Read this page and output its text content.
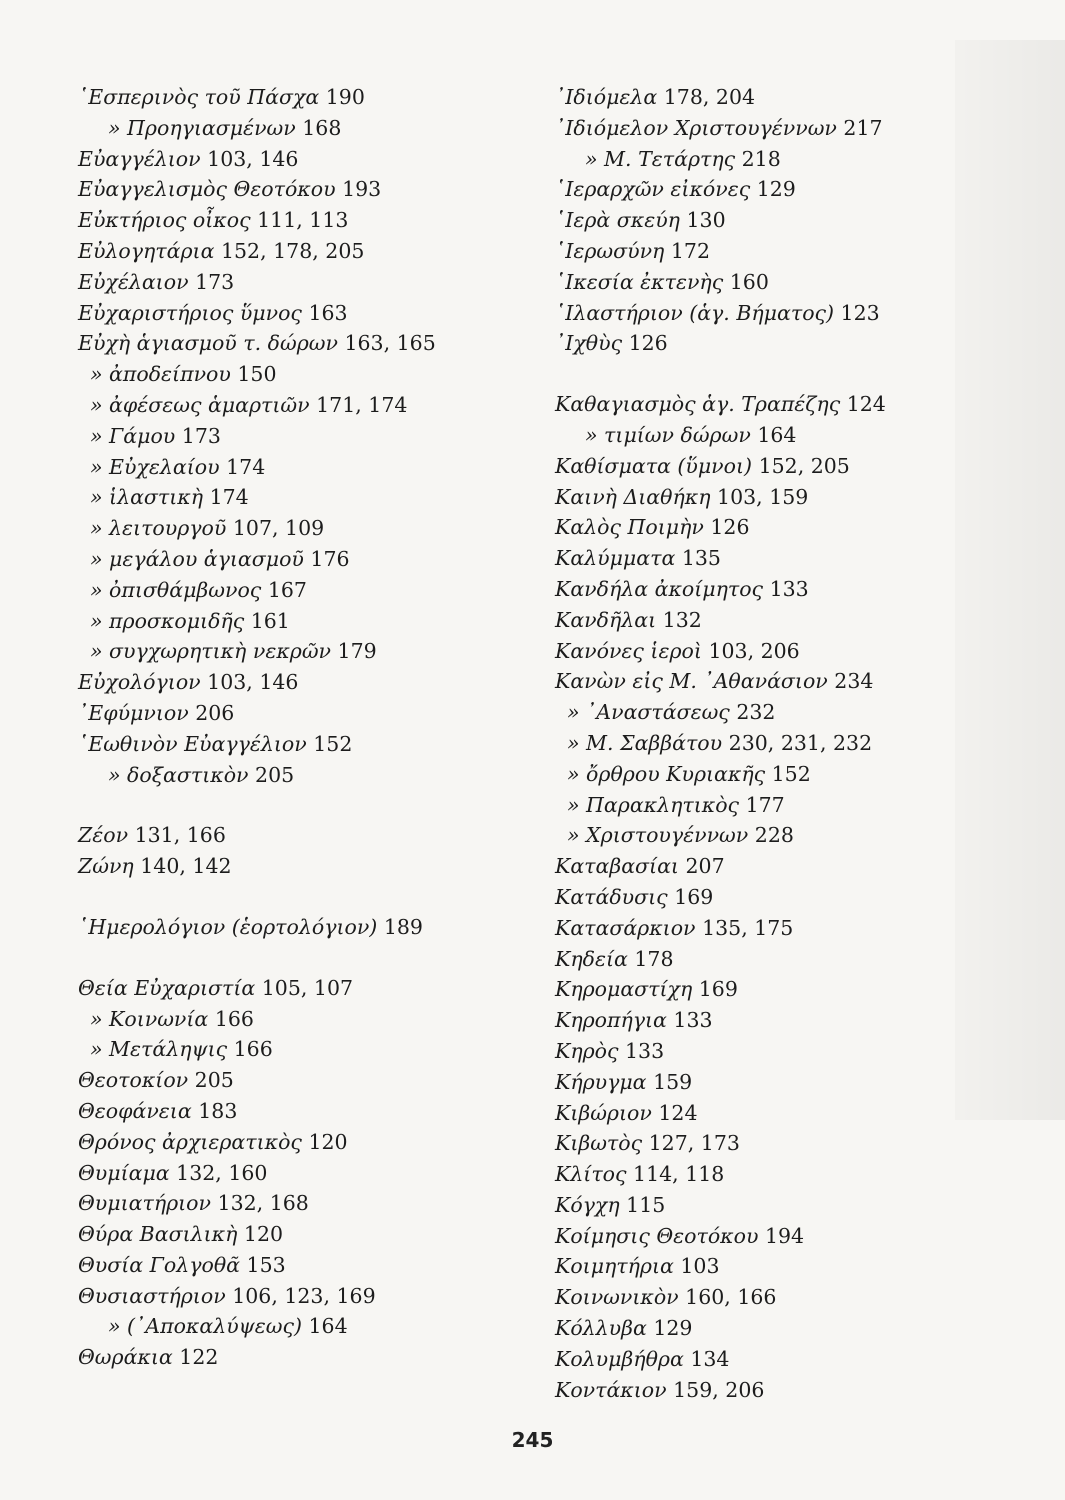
῾Εσπερινὸς τοῦ Πάσχα 190
» Προηγιασμένων 168
Εὐαγγέλιον 103, 146
Εὐαγγελισμὸς Θεοτόκου 193
Εὐκτήριος οἶκος 111, 113
Εὐλογητάρια 152, 178, 205
Εὐχέλαιον 173
Εὐχαριστήριος ὕμνος 163
Εὐχὴ ἁγιασμοῦ τ. δώρων 163, 165
» ἀποδείπνου 150
» ἀφέσεως ἁμαρτιῶν 171, 174
» Γάμου 173
» Εὐχελαίου 174
» ἱλαστικὴ 174
» λειτουργοῦ 107, 109
» μεγάλου ἁγιασμοῦ 176
» ὀπισθάμβωνος 167
» προσκομιδῆς 161
» συγχωρητικὴ νεκρῶν 179
Εὐχολόγιον 103, 146
᾿Εφύμνιον 206
῾Εωθινὸν Εὐαγγέλιον 152
» δοξαστικὸν 205
Ζέον 131, 166
Ζώνη 140, 142
῾Ημερολόγιον (ἑορτολόγιον) 189
Θεία Εὐχαριστία 105, 107
» Κοινωνία 166
» Μετάληψις 166
Θεοτοκίον 205
Θεοφάνεια 183
Θρόνος ἀρχιερατικὸς 120
Θυμίαμα 132, 160
Θυμιατήριον 132, 168
Θύρα Βασιλικὴ 120
Θυσία Γολγοθᾶ 153
Θυσιαστήριον 106, 123, 169
» (᾿Αποκαλύψεως) 164
Θωράκια 122
᾿Ιδιόμελα 178, 204
᾿Ιδιόμελον Χριστουγέννων 217
» Μ. Τετάρτης 218
῾Ιεραρχῶν εἰκόνες 129
῾Ιερὰ σκεύη 130
῾Ιερωσύνη 172
῾Ικεσία ἐκτενὴς 160
῾Ιλαστήριον (ἁγ. Βήματος) 123
᾿Ιχθὺς 126
Καθαγιασμὸς ἁγ. Τραπέζης 124
» τιμίων δώρων 164
Καθίσματα (ὕμνοι) 152, 205
Καινὴ Διαθήκη 103, 159
Καλὸς Ποιμὴν 126
Καλύμματα 135
Κανδήλα ἀκοίμητος 133
Κανδῆλαι 132
Κανόνες ἱεροὶ 103, 206
Κανὼν εἰς Μ. ᾿Αθανάσιον 234
» ᾿Αναστάσεως 232
» Μ. Σαββάτου 230, 231, 232
» ὄρθρου Κυριακῆς 152
» Παρακλητικὸς 177
» Χριστουγέννων 228
Καταβασίαι 207
Κατάδυσις 169
Κατασάρκιον 135, 175
Κηδεία 178
Κηρομαστίχη 169
Κηροπήγια 133
Κηρὸς 133
Κήρυγμα 159
Κιβώριον 124
Κιβωτὸς 127, 173
Κλίτος 114, 118
Κόγχη 115
Κοίμησις Θεοτόκου 194
Κοιμητήρια 103
Κοινωνικὸν 160, 166
Κόλλυβα 129
Κολυμβήθρα 134
Κοντάκιον 159, 206
245
